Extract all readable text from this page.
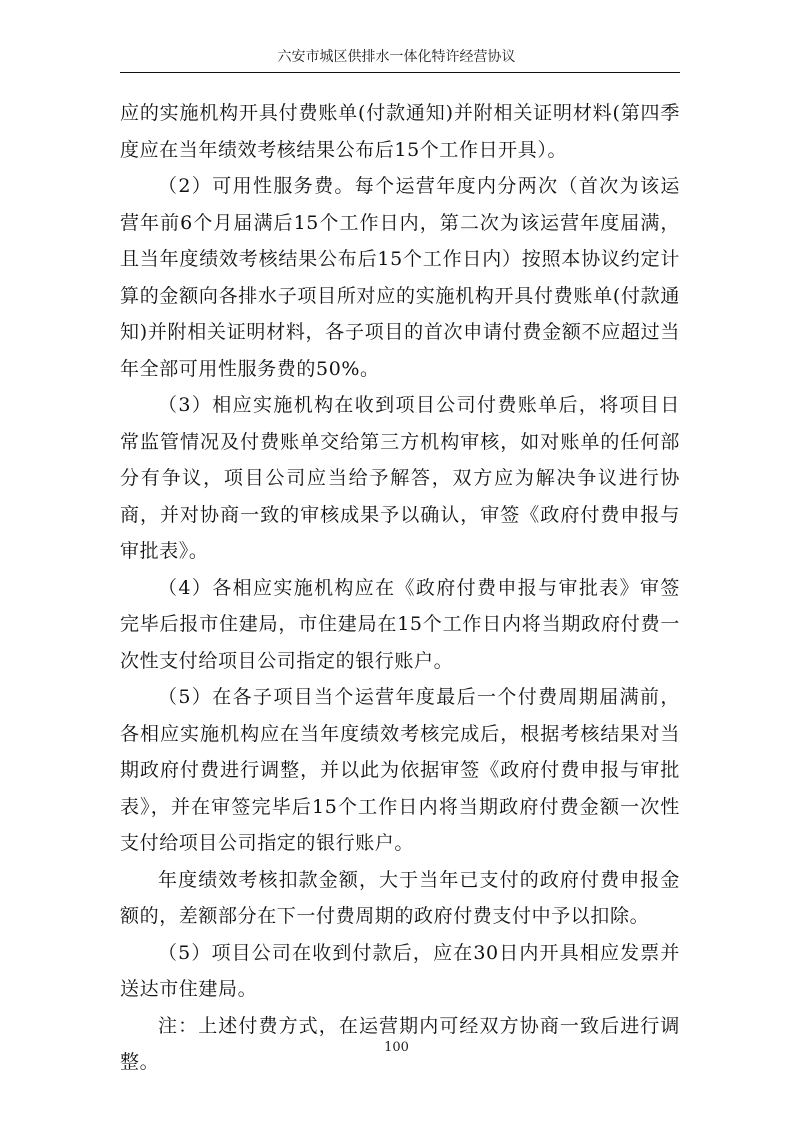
六安市城区供排水一体化特许经营协议

应的实施机构开具付费账单(付款通知)并附相关证明材料(第四季度应在当年绩效考核结果公布后15个工作日开具）。

（2）可用性服务费。每个运营年度内分两次（首次为该运营年前6个月届满后15个工作日内，第二次为该运营年度届满，且当年度绩效考核结果公布后15个工作日内）按照本协议约定计算的金额向各排水子项目所对应的实施机构开具付费账单(付款通知)并附相关证明材料，各子项目的首次申请付费金额不应超过当年全部可用性服务费的50%。

（3）相应实施机构在收到项目公司付费账单后，将项目日常监管情况及付费账单交给第三方机构审核，如对账单的任何部分有争议，项目公司应当给予解答，双方应为解决争议进行协商，并对协商一致的审核成果予以确认，审签《政府付费申报与审批表》。

（4）各相应实施机构应在《政府付费申报与审批表》审签完毕后报市住建局，市住建局在15个工作日内将当期政府付费一次性支付给项目公司指定的银行账户。

（5）在各子项目当个运营年度最后一个付费周期届满前，各相应实施机构应在当年度绩效考核完成后，根据考核结果对当期政府付费进行调整，并以此为依据审签《政府付费申报与审批表》，并在审签完毕后15个工作日内将当期政府付费金额一次性支付给项目公司指定的银行账户。

年度绩效考核扣款金额，大于当年已支付的政府付费申报金额的，差额部分在下一付费周期的政府付费支付中予以扣除。

（5）项目公司在收到付款后，应在30日内开具相应发票并送达市住建局。

注：上述付费方式，在运营期内可经双方协商一致后进行调整。

100
